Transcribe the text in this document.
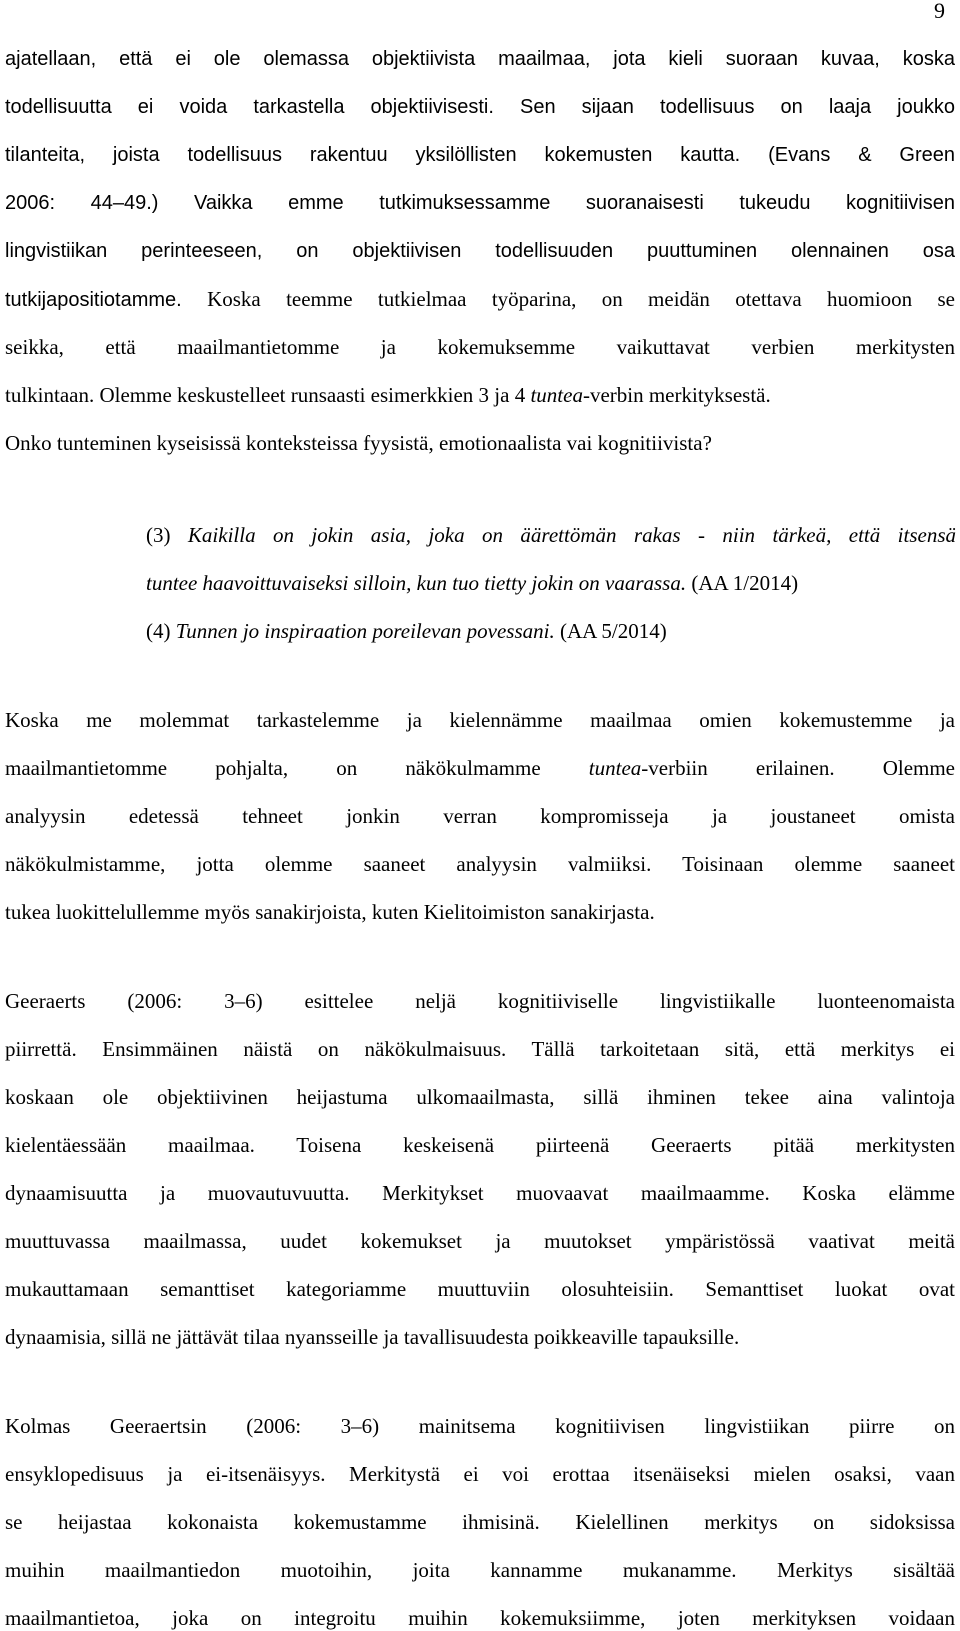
9
ajatellaan, että ei ole olemassa objektiivista maailmaa, jota kieli suoraan kuvaa, koska
todellisuutta ei voida tarkastella objektiivisesti. Sen sijaan todellisuus on laaja joukko
tilanteita, joista todellisuus rakentuu yksilöllisten kokemusten kautta. (Evans & Green
2006: 44–49.) Vaikka emme tutkimuksessamme suoranaisesti tukeudu kognitiivisen
lingvistiikan perinteeseen, on objektiivisen todellisuuden puuttuminen olennainen osa
tutkijapositiotamme. Koska teemme tutkielmaa työparina, on meidän otettava huomioon se
seikka, että maailmantietomme ja kokemuksemme vaikuttavat verbien merkitysten
tulkintaan. Olemme keskustelleet runsaasti esimerkkien 3 ja 4 tuntea-verbin merkityksestä.
Onko tunteminen kyseisissä konteksteissa fyysistä, emotionaalista vai kognitiivista?
(3) Kaikilla on jokin asia, joka on äärettömän rakas - niin tärkeä, että itsensä
tuntee haavoittuvaiseksi silloin, kun tuo tietty jokin on vaarassa. (AA 1/2014)
(4) Tunnen jo inspiraation poreilevan povessani. (AA 5/2014)
Koska me molemmat tarkastelemme ja kielennämme maailmaa omien kokemustemme ja
maailmantietomme pohjalta, on näkökulmamme tuntea-verbiin erilainen. Olemme
analyysin edetessä tehneet jonkin verran kompromisseja ja joustaneet omista
näkökulmistamme, jotta olemme saaneet analyysin valmiiksi. Toisinaan olemme saaneet
tukea luokittelullemme myös sanakirjoista, kuten Kielitoimiston sanakirjasta.
Geeraerts (2006: 3–6) esittelee neljä kognitiiviselle lingvistiikalle luonteenomaista
piirrettä. Ensimmäinen näistä on näkökulmaisuus. Tällä tarkoitetaan sitä, että merkitys ei
koskaan ole objektiivinen heijastuma ulkomaailmasta, sillä ihminen tekee aina valintoja
kielentäessään maailmaa. Toisena keskeisenä piirteenä Geeraerts pitää merkitysten
dynaamisuutta ja muovautuvuutta. Merkitykset muovaavat maailmaamme. Koska elämme
muuttuvassa maailmassa, uudet kokemukset ja muutokset ympäristössä vaativat meitä
mukauttamaan semanttiset kategoriamme muuttuviin olosuhteisiin. Semanttiset luokat ovat
dynaamisia, sillä ne jättävät tilaa nyansseille ja tavallisuudesta poikkeaville tapauksille.
Kolmas Geeraertsin (2006: 3–6) mainitsema kognitiivisen lingvistiikan piirre on
ensyklopedisuus ja ei-itsenäisyys. Merkitystä ei voi erottaa itsenäiseksi mielen osaksi, vaan
se heijastaa kokonaista kokemustamme ihmisinä. Kielellinen merkitys on sidoksissa
muihin maailmantiedon muotoihin, joita kannamme mukanamme. Merkitys sisältää
maailmantietoa, joka on integroitu muihin kokemuksiimme, joten merkityksen voidaan
